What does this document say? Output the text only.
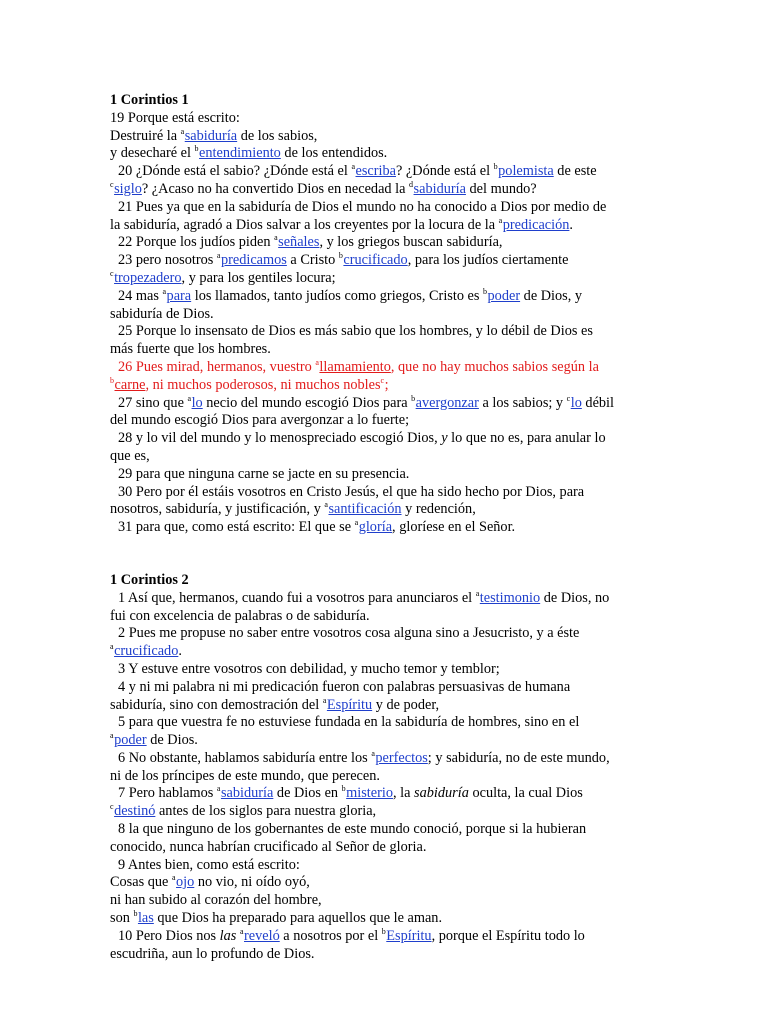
1 Corintios 1
19 Porque está escrito:
Destruiré la $^a$sabiduría de los sabios,
y desecharé el $^b$entendimiento de los entendidos.
20 ¿Dónde está el sabio? ¿Dónde está el $^a$escriba? ¿Dónde está el $^b$polemista de este
$^c$siglo? ¿Acaso no ha convertido Dios en necedad la $^d$sabiduría del mundo?
21 Pues ya que en la sabiduría de Dios el mundo no ha conocido a Dios por medio de
la sabiduría, agradó a Dios salvar a los creyentes por la locura de la $^a$predicación.
22 Porque los judíos piden $^a$señales, y los griegos buscan sabiduría,
23 pero nosotros $^a$predicamos a Cristo $^b$crucificado, para los judíos ciertamente
$^c$tropezadero, y para los gentiles locura;
24 mas $^a$para los llamados, tanto judíos como griegos, Cristo es $^b$poder de Dios, y
sabiduría de Dios.
25 Porque lo insensato de Dios es más sabio que los hombres, y lo débil de Dios es
más fuerte que los hombres.
26 Pues mirad, hermanos, vuestro $^a$llamamiento, que no hay muchos sabios según la
$^b$carne, ni muchos poderosos, ni muchos nobles$^c$;
27 sino que $^a$lo necio del mundo escogió Dios para $^b$avergonzar a los sabios; y $^c$lo débil
del mundo escogió Dios para avergonzar a lo fuerte;
28 y lo vil del mundo y lo menospreciado escogió Dios, y lo que no es, para anular lo
que es,
29 para que ninguna carne se jacte en su presencia.
30 Pero por él estáis vosotros en Cristo Jesús, el que ha sido hecho por Dios, para
nosotros, sabiduría, y justificación, y $^a$santificación y redención,
31 para que, como está escrito: El que se $^a$gloría, gloríese en el Señor.
1 Corintios 2
1 Así que, hermanos, cuando fui a vosotros para anunciaros el $^a$testimonio de Dios, no
fui con excelencia de palabras o de sabiduría.
2 Pues me propuse no saber entre vosotros cosa alguna sino a Jesucristo, y a éste
$^a$crucificado.
3 Y estuve entre vosotros con debilidad, y mucho temor y temblor;
4 y ni mi palabra ni mi predicación fueron con palabras persuasivas de humana
sabiduría, sino con demostración del $^a$Espíritu y de poder,
5 para que vuestra fe no estuviese fundada en la sabiduría de hombres, sino en el
$^a$poder de Dios.
6 No obstante, hablamos sabiduría entre los $^a$perfectos; y sabiduría, no de este mundo,
ni de los príncipes de este mundo, que perecen.
7 Pero hablamos $^a$sabiduría de Dios en $^b$misterio, la sabiduría oculta, la cual Dios
$^c$destinó antes de los siglos para nuestra gloria,
8 la que ninguno de los gobernantes de este mundo conoció, porque si la hubieran
conocido, nunca habrían crucificado al Señor de gloria.
9 Antes bien, como está escrito:
Cosas que $^a$ojo no vio, ni oído oyó,
ni han subido al corazón del hombre,
son $^b$las que Dios ha preparado para aquellos que le aman.
10 Pero Dios nos las $^a$reveló a nosotros por el $^b$Espíritu, porque el Espíritu todo lo
escudriña, aun lo profundo de Dios.
